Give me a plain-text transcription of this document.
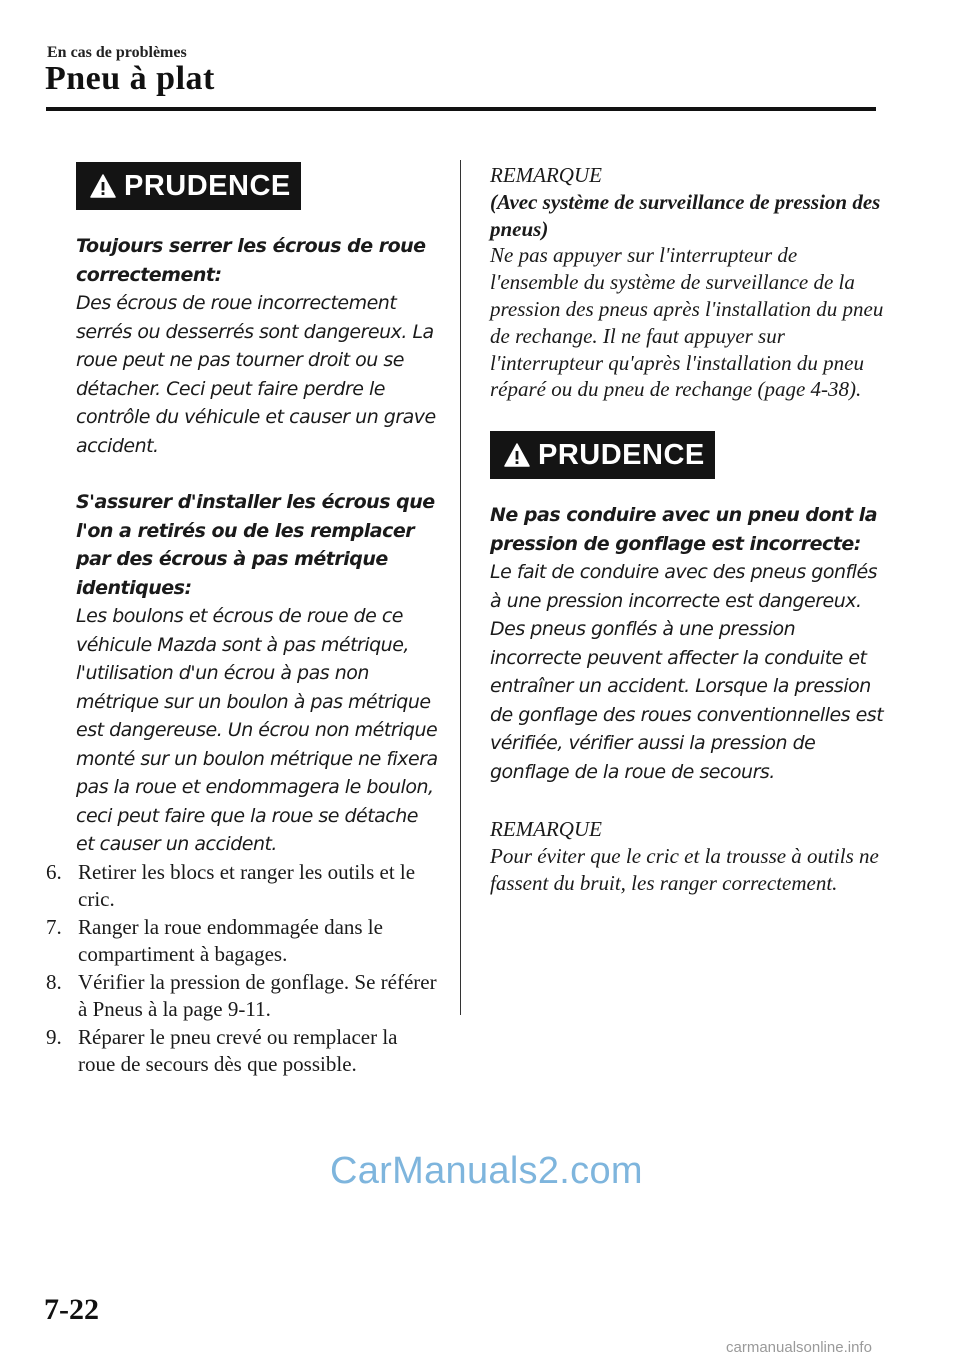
En cas de problèmes
Pneu à plat
PRUDENCE
Toujours serrer les écrous de roue correctement:
Des écrous de roue incorrectement serrés ou desserrés sont dangereux. La roue peut ne pas tourner droit ou se détacher. Ceci peut faire perdre le contrôle du véhicule et causer un grave accident.
S'assurer d'installer les écrous que l'on a retirés ou de les remplacer par des écrous à pas métrique identiques:
Les boulons et écrous de roue de ce véhicule Mazda sont à pas métrique, l'utilisation d'un écrou à pas non métrique sur un boulon à pas métrique est dangereuse. Un écrou non métrique monté sur un boulon métrique ne fixera pas la roue et endommagera le boulon, ceci peut faire que la roue se détache et causer un accident.
6. Retirer les blocs et ranger les outils et le cric.
7. Ranger la roue endommagée dans le compartiment à bagages.
8. Vérifier la pression de gonflage. Se référer à Pneus à la page 9-11.
9. Réparer le pneu crevé ou remplacer la roue de secours dès que possible.
REMARQUE
(Avec système de surveillance de pression des pneus)
Ne pas appuyer sur l'interrupteur de l'ensemble du système de surveillance de la pression des pneus après l'installation du pneu de rechange. Il ne faut appuyer sur l'interrupteur qu'après l'installation du pneu réparé ou du pneu de rechange (page 4-38).
PRUDENCE
Ne pas conduire avec un pneu dont la pression de gonflage est incorrecte:
Le fait de conduire avec des pneus gonflés à une pression incorrecte est dangereux. Des pneus gonflés à une pression incorrecte peuvent affecter la conduite et entraîner un accident. Lorsque la pression de gonflage des roues conventionnelles est vérifiée, vérifier aussi la pression de gonflage de la roue de secours.
REMARQUE
Pour éviter que le cric et la trousse à outils ne fassent du bruit, les ranger correctement.
CarManuals2.com
7-22
carmanualsonline.info
